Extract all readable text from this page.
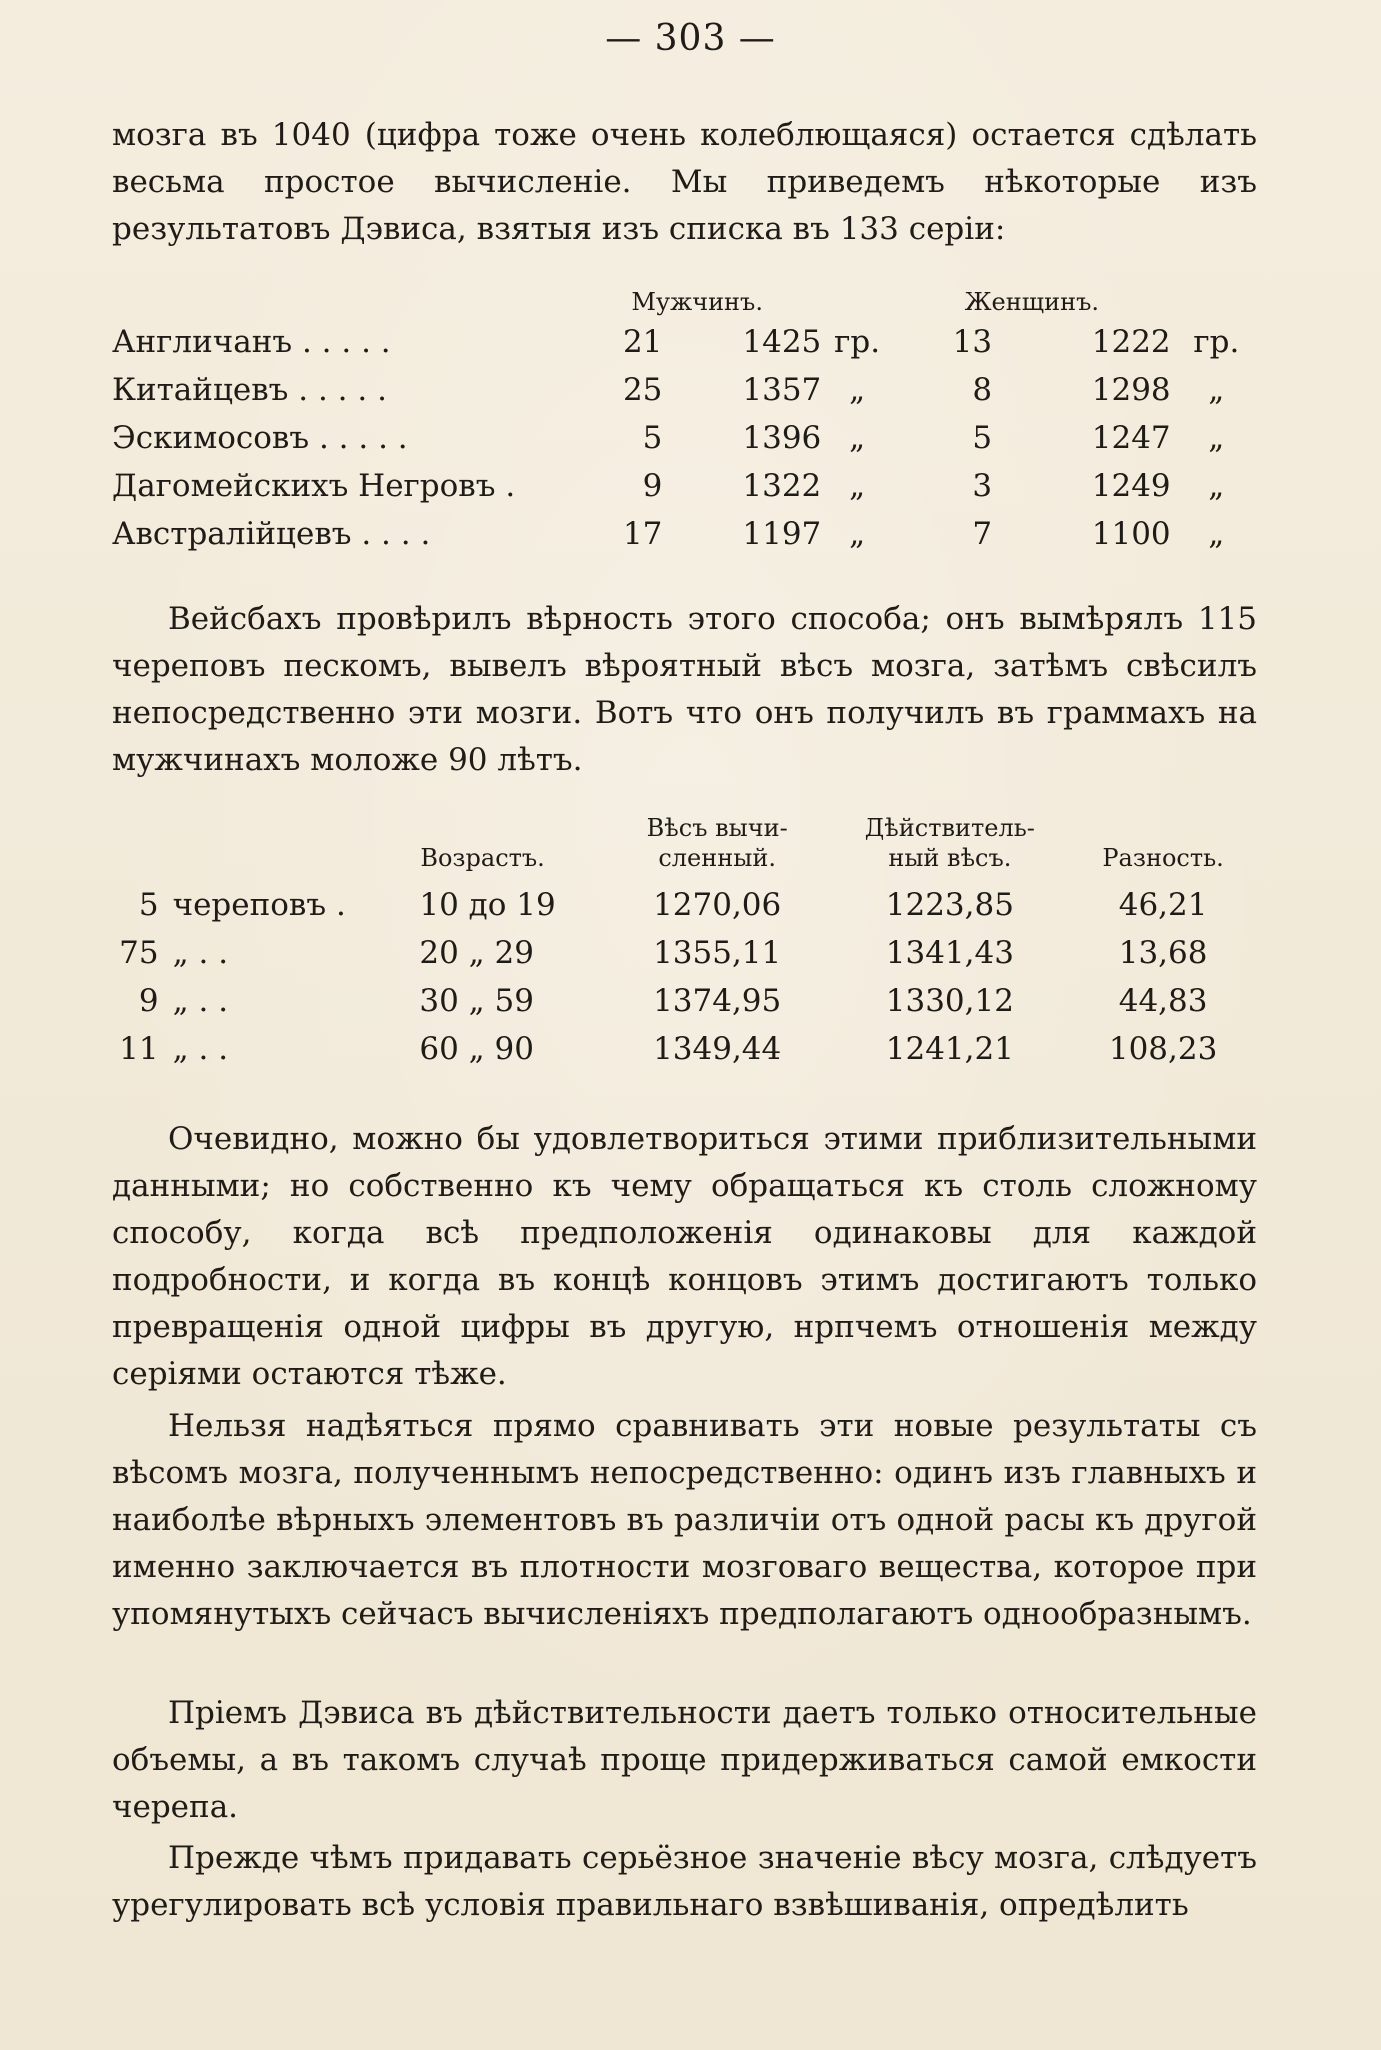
— 303 —
мозга въ 1040 (цифра тоже очень колеблющаяся) остается сдѣлать весьма простое вычисленіе. Мы приведемъ нѣкоторые изъ результатовъ Дэвиса, взятыя изъ списка въ 133 серіи:
	Мужчинъ.			Женщинъ.		
Англичанъ . . . . .	21	1425	гр.	13	1222	гр.
Китайцевъ . . . . .	25	1357	„	8	1298	„
Эскимосовъ . . . . .	5	1396	„	5	1247	„
Дагомейскихъ Негровъ .	9	1322	„	3	1249	„
Австралійцевъ . . . .	17	1197	„	7	1100	„
Вейсбахъ провѣрилъ вѣрность этого способа; онъ вымѣрялъ 115 череповъ пескомъ, вывелъ вѣроятный вѣсъ мозга, затѣмъ свѣсилъ непосредственно эти мозги. Вотъ что онъ получилъ въ граммахъ на мужчинахъ моложе 90 лѣтъ.
		Возрастъ.	Вѣсъ вычи-
сленный.	Дѣйствитель-
ный вѣсъ.	Разность.
5	череповъ .	10 до 19	1270,06	1223,85	46,21
75	„ . .	20 „ 29	1355,11	1341,43	13,68
9	„ . .	30 „ 59	1374,95	1330,12	44,83
11	„ . .	60 „ 90	1349,44	1241,21	108,23
Очевидно, можно бы удовлетвориться этими приблизительными данными; но собственно къ чему обращаться къ столь сложному способу, когда всѣ предположенія одинаковы для каждой подробности, и когда въ концѣ концовъ этимъ достигаютъ только превращенія одной цифры въ другую, нрпчемъ отношенія между серіями остаются тѣже.
Нельзя надѣяться прямо сравнивать эти новые результаты съ вѣсомъ мозга, полученнымъ непосредственно: одинъ изъ главныхъ и наиболѣе вѣрныхъ элементовъ въ различіи отъ одной расы къ другой именно заключается въ плотности мозговаго вещества, которое при упомянутыхъ сейчасъ вычисленіяхъ предполагаютъ однообразнымъ.
Пріемъ Дэвиса въ дѣйствительности даетъ только относительные объемы, а въ такомъ случаѣ проще придерживаться самой емкости черепа.
Прежде чѣмъ придавать серьёзное значеніе вѣсу мозга, слѣдуетъ урегулировать всѣ условія правильнаго взвѣшиванія, опредѣлить
